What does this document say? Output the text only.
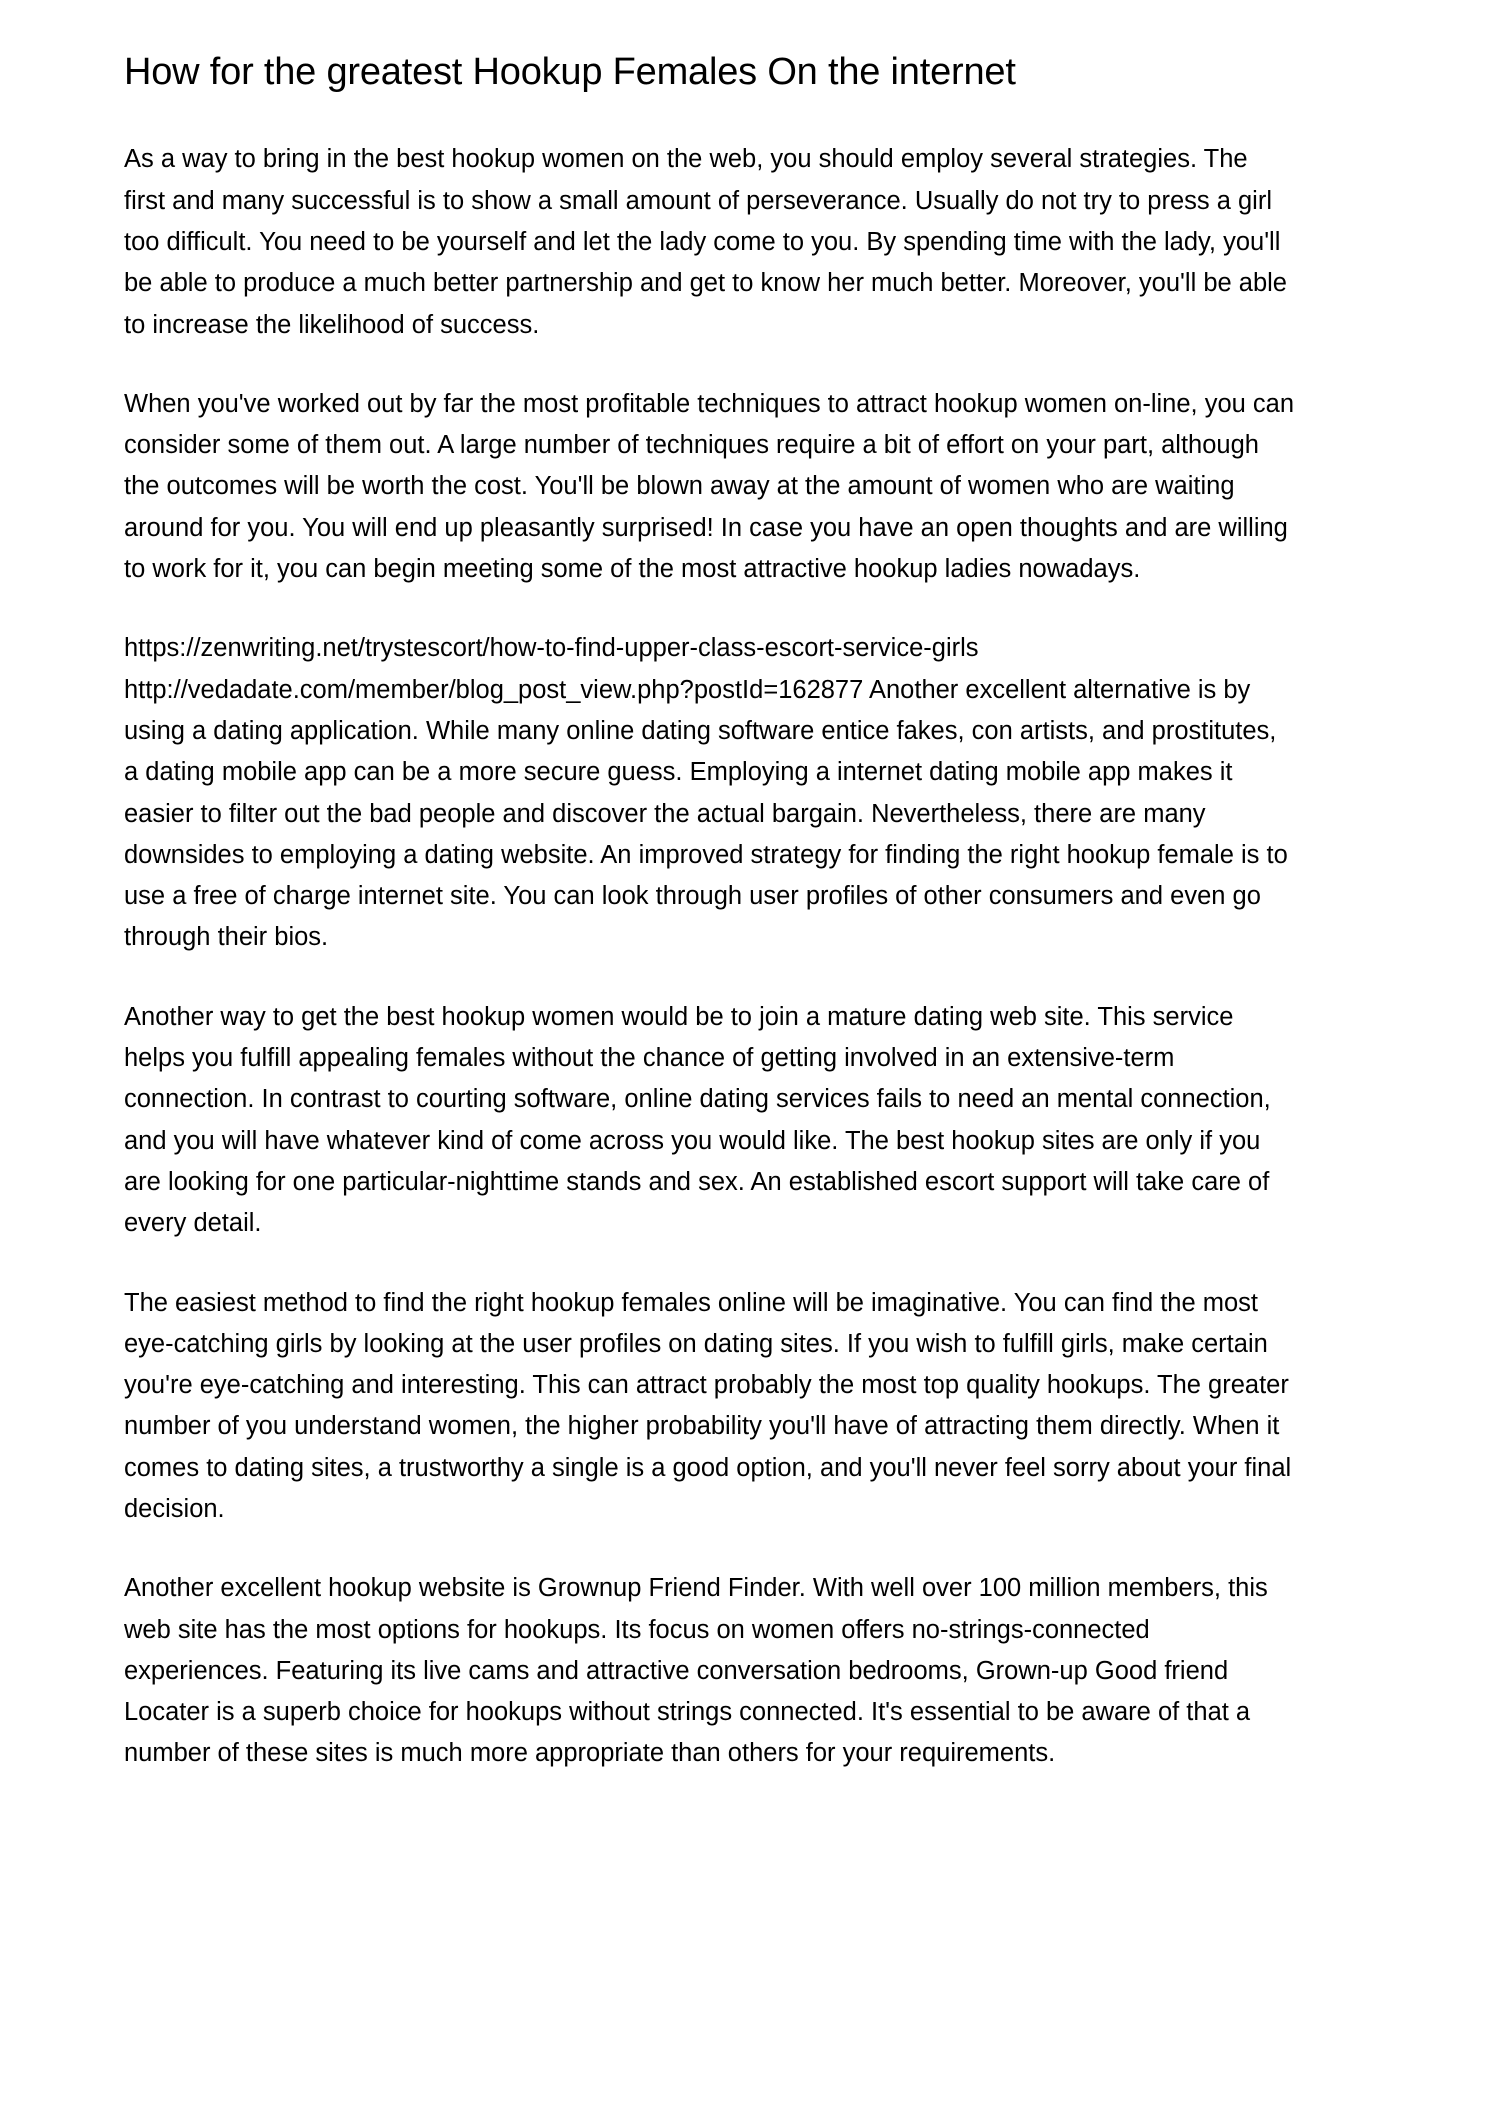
How for the greatest Hookup Females On the internet

As a way to bring in the best hookup women on the web, you should employ several strategies. The first and many successful is to show a small amount of perseverance. Usually do not try to press a girl too difficult. You need to be yourself and let the lady come to you. By spending time with the lady, you'll be able to produce a much better partnership and get to know her much better. Moreover, you'll be able to increase the likelihood of success.

When you've worked out by far the most profitable techniques to attract hookup women on-line, you can consider some of them out. A large number of techniques require a bit of effort on your part, although the outcomes will be worth the cost. You'll be blown away at the amount of women who are waiting around for you. You will end up pleasantly surprised! In case you have an open thoughts and are willing to work for it, you can begin meeting some of the most attractive hookup ladies nowadays.

https://zenwriting.net/trystescort/how-to-find-upper-class-escort-service-girls
http://vedadate.com/member/blog_post_view.php?postId=162877 Another excellent alternative is by using a dating application. While many online dating software entice fakes, con artists, and prostitutes, a dating mobile app can be a more secure guess. Employing a internet dating mobile app makes it easier to filter out the bad people and discover the actual bargain. Nevertheless, there are many downsides to employing a dating website. An improved strategy for finding the right hookup female is to use a free of charge internet site. You can look through user profiles of other consumers and even go through their bios.

Another way to get the best hookup women would be to join a mature dating web site. This service helps you fulfill appealing females without the chance of getting involved in an extensive-term connection. In contrast to courting software, online dating services fails to need an mental connection, and you will have whatever kind of come across you would like. The best hookup sites are only if you are looking for one particular-nighttime stands and sex. An established escort support will take care of every detail.

The easiest method to find the right hookup females online will be imaginative. You can find the most eye-catching girls by looking at the user profiles on dating sites. If you wish to fulfill girls, make certain you're eye-catching and interesting. This can attract probably the most top quality hookups. The greater number of you understand women, the higher probability you'll have of attracting them directly. When it comes to dating sites, a trustworthy a single is a good option, and you'll never feel sorry about your final decision.

Another excellent hookup website is Grownup Friend Finder. With well over 100 million members, this web site has the most options for hookups. Its focus on women offers no-strings-connected experiences. Featuring its live cams and attractive conversation bedrooms, Grown-up Good friend Locater is a superb choice for hookups without strings connected. It's essential to be aware of that a number of these sites is much more appropriate than others for your requirements.
